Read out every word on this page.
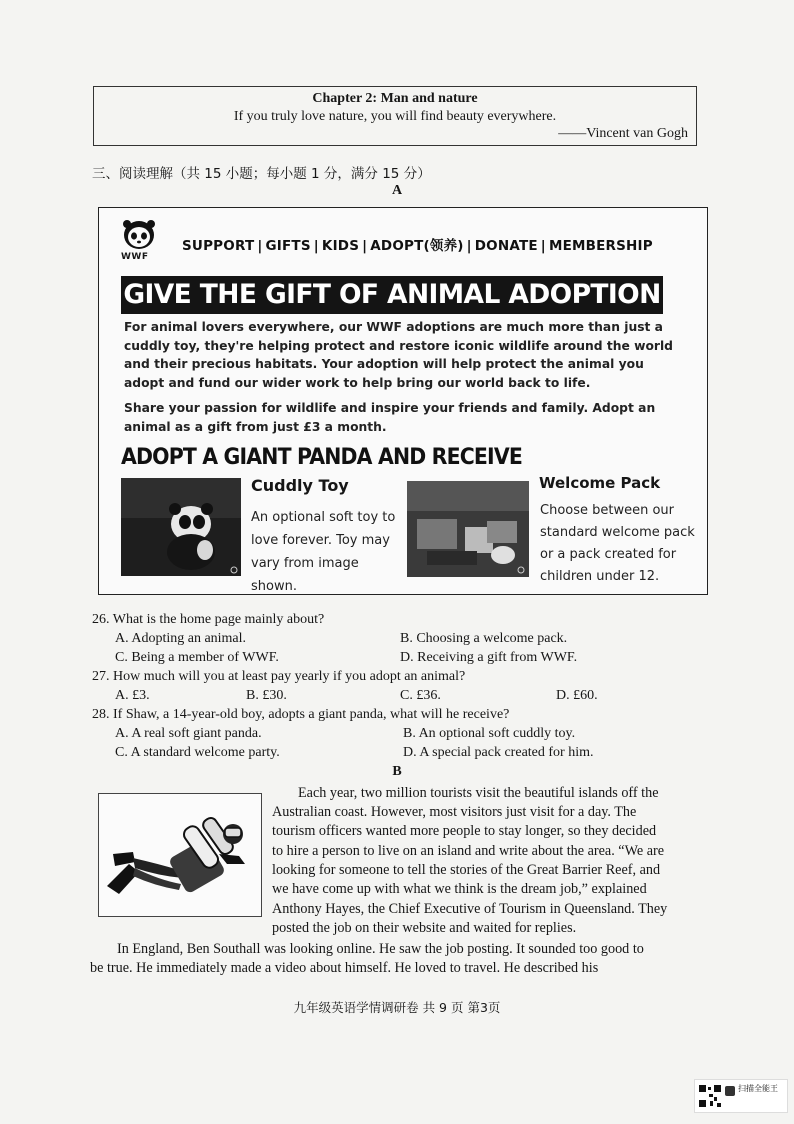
Chapter 2: Man and nature
If you truly love nature, you will find beauty everywhere.
——Vincent van Gogh
三、阅读理解（共 15 小题；每小题 1 分，满分 15 分）
A
WWF
SUPPORT | GIFTS | KIDS | ADOPT(领养) | DONATE | MEMBERSHIP
GIVE THE GIFT OF ANIMAL ADOPTION
For animal lovers everywhere, our WWF adoptions are much more than just a cuddly toy, they're helping protect and restore iconic wildlife around the world and their precious habitats. Your adoption will help protect the animal you adopt and fund our wider work to help bring our world back to life.
Share your passion for wildlife and inspire your friends and family. Adopt an animal as a gift from just £3 a month.
ADOPT A GIANT PANDA AND RECEIVE
Cuddly Toy
An optional soft toy to love forever. Toy may vary from image shown.
Welcome Pack
Choose between our standard welcome pack or a pack created for children under 12.
26. What is the home page mainly about?
A. Adopting an animal.	B. Choosing a welcome pack.
C. Being a member of WWF.	D. Receiving a gift from WWF.
27. How much will you at least pay yearly if you adopt an animal?
A. £3.	B. £30.	C. £36.	D. £60.
28. If Shaw, a 14-year-old boy, adopts a giant panda, what will he receive?
A. A real soft giant panda.	B. An optional soft cuddly toy.
C. A standard welcome party.	D. A special pack created for him.
B
Each year, two million tourists visit the beautiful islands off the
Australian coast. However, most visitors just visit for a day. The
tourism officers wanted more people to stay longer, so they decided
to hire a person to live on an island and write about the area. “We are
looking for someone to tell the stories of the Great Barrier Reef, and
we have come up with what we think is the dream job,” explained
Anthony Hayes, the Chief Executive of Tourism in Queensland. They
posted the job on their website and waited for replies.
In England, Ben Southall was looking online. He saw the job posting. It sounded too good to
be true. He immediately made a video about himself. He loved to travel. He described his
九年级英语学情调研卷 共 9 页 第3页
扫描全能王
